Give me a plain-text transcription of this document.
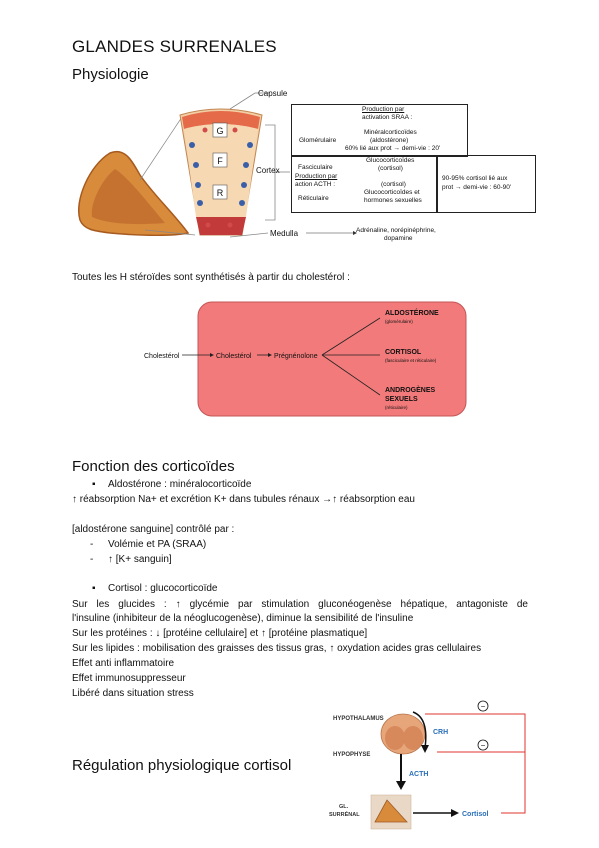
GLANDES SURRENALES
Physiologie
G
F
R
Capsule
Cortex
Medulla
Glomérulaire
Production par
activation SRAA :
Minéralcorticoïdes
(aldostérone)
60% lié aux prot → demi-vie : 20'
Fasciculaire
Production par
action ACTH :
Réticulaire
Glucocorticoïdes
(cortisol)
(cortisol)
Glucocorticoïdes et
hormones sexuelles
90-95% cortisol lié aux
prot → demi-vie : 60-90'
Adrénaline, norépinéphrine,
dopamine
Toutes les H stéroïdes sont synthétisés à partir du cholestérol :
Cholestérol	Cholestérol	Prégnénolone
ALDOSTÉRONE
(glomérulaire)
CORTISOL
(fasciculaire et réticulaire)
ANDROGÈNES
SEXUELS
(réticulaire)
Fonction des corticoïdes
▪ Aldostérone : minéralocorticoïde
↑ réabsorption Na+ et excrétion K+ dans tubules rénaux →↑ réabsorption eau
[aldostérone sanguine] contrôlé par :
- Volémie et PA (SRAA)
- ↑ [K+ sanguin]
▪ Cortisol : glucocorticoïde
Sur les glucides : ↑ glycémie par stimulation gluconéogenèse hépatique, antagoniste de
l'insuline (inhibiteur de la néoglucogenèse), diminue la sensibilité de l'insuline
Sur les protéines : ↓ [protéine cellulaire] et ↑ [protéine plasmatique]
Sur les lipides : mobilisation des graisses des tissus gras, ↑ oxydation acides gras cellulaires
Effet anti inflammatoire
Effet immunosuppresseur
Libéré dans situation stress
Régulation physiologique cortisol
HYPOTHALAMUS
HYPOPHYSE
ACTH
CRH
GL.
SURRÉNAL	Cortisol
−
−
